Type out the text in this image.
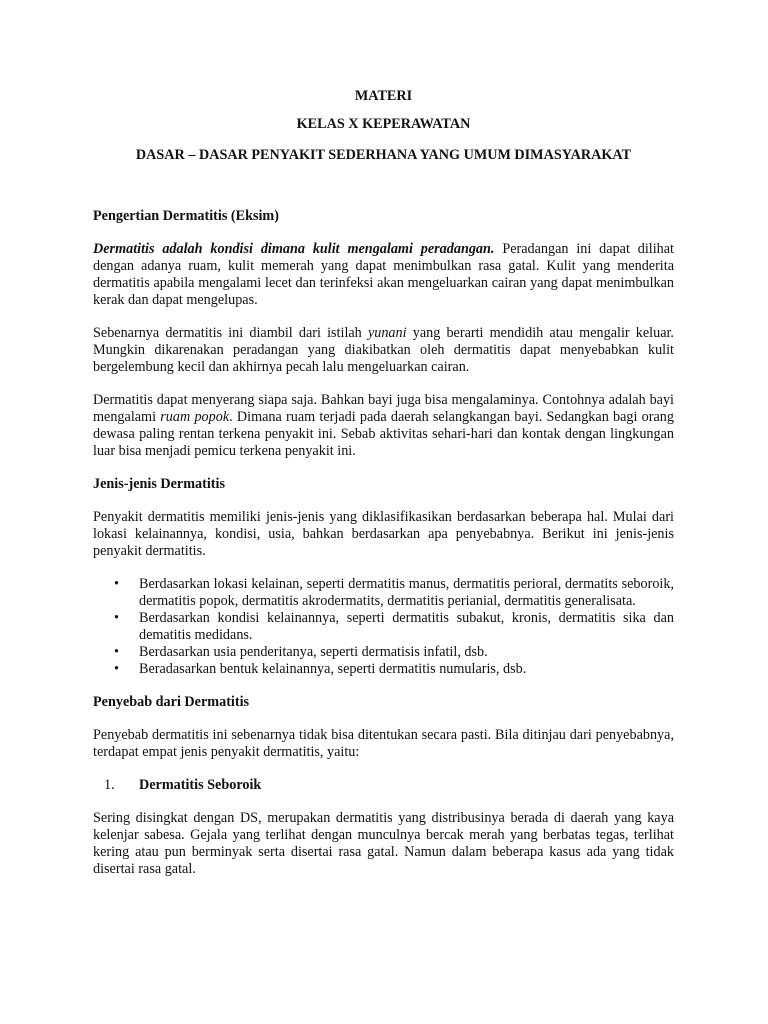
MATERI

KELAS X KEPERAWATAN

DASAR – DASAR PENYAKIT SEDERHANA YANG UMUM DIMASYARAKAT

Pengertian Dermatitis (Eksim)

Dermatitis adalah kondisi dimana kulit mengalami peradangan. Peradangan ini dapat dilihat dengan adanya ruam, kulit memerah yang dapat menimbulkan rasa gatal. Kulit yang menderita dermatitis apabila mengalami lecet dan terinfeksi akan mengeluarkan cairan yang dapat menimbulkan kerak dan dapat mengelupas.

Sebenarnya dermatitis ini diambil dari istilah yunani yang berarti mendidih atau mengalir keluar. Mungkin dikarenakan peradangan yang diakibatkan oleh dermatitis dapat menyebabkan kulit bergelembung kecil dan akhirnya pecah lalu mengeluarkan cairan.

Dermatitis dapat menyerang siapa saja. Bahkan bayi juga bisa mengalaminya. Contohnya adalah bayi mengalami ruam popok. Dimana ruam terjadi pada daerah selangkangan bayi. Sedangkan bagi orang dewasa paling rentan terkena penyakit ini. Sebab aktivitas sehari-hari dan kontak dengan lingkungan luar bisa menjadi pemicu terkena penyakit ini.

Jenis-jenis Dermatitis

Penyakit dermatitis memiliki jenis-jenis yang diklasifikasikan berdasarkan beberapa hal. Mulai dari lokasi kelainannya, kondisi, usia, bahkan berdasarkan apa penyebabnya. Berikut ini jenis-jenis penyakit dermatitis.

• Berdasarkan lokasi kelainan, seperti dermatitis manus, dermatitis perioral, dermatits seboroik, dermatitis popok, dermatitis akrodermatits, dermatitis perianial, dermatitis generalisata.
• Berdasarkan kondisi kelainannya, seperti dermatitis subakut, kronis, dermatitis sika dan dematitis medidans.
• Berdasarkan usia penderitanya, seperti dermatisis infatil, dsb.
• Beradasarkan bentuk kelainannya, seperti dermatitis numularis, dsb.
Penyebab dari Dermatitis

Penyebab dermatitis ini sebenarnya tidak bisa ditentukan secara pasti. Bila ditinjau dari penyebabnya, terdapat empat jenis penyakit dermatitis, yaitu:

1. Dermatitis Seboroik

Sering disingkat dengan DS, merupakan dermatitis yang distribusinya berada di daerah yang kaya kelenjar sabesa. Gejala yang terlihat dengan munculnya bercak merah yang berbatas tegas, terlihat kering atau pun berminyak serta disertai rasa gatal. Namun dalam beberapa kasus ada yang tidak disertai rasa gatal.
